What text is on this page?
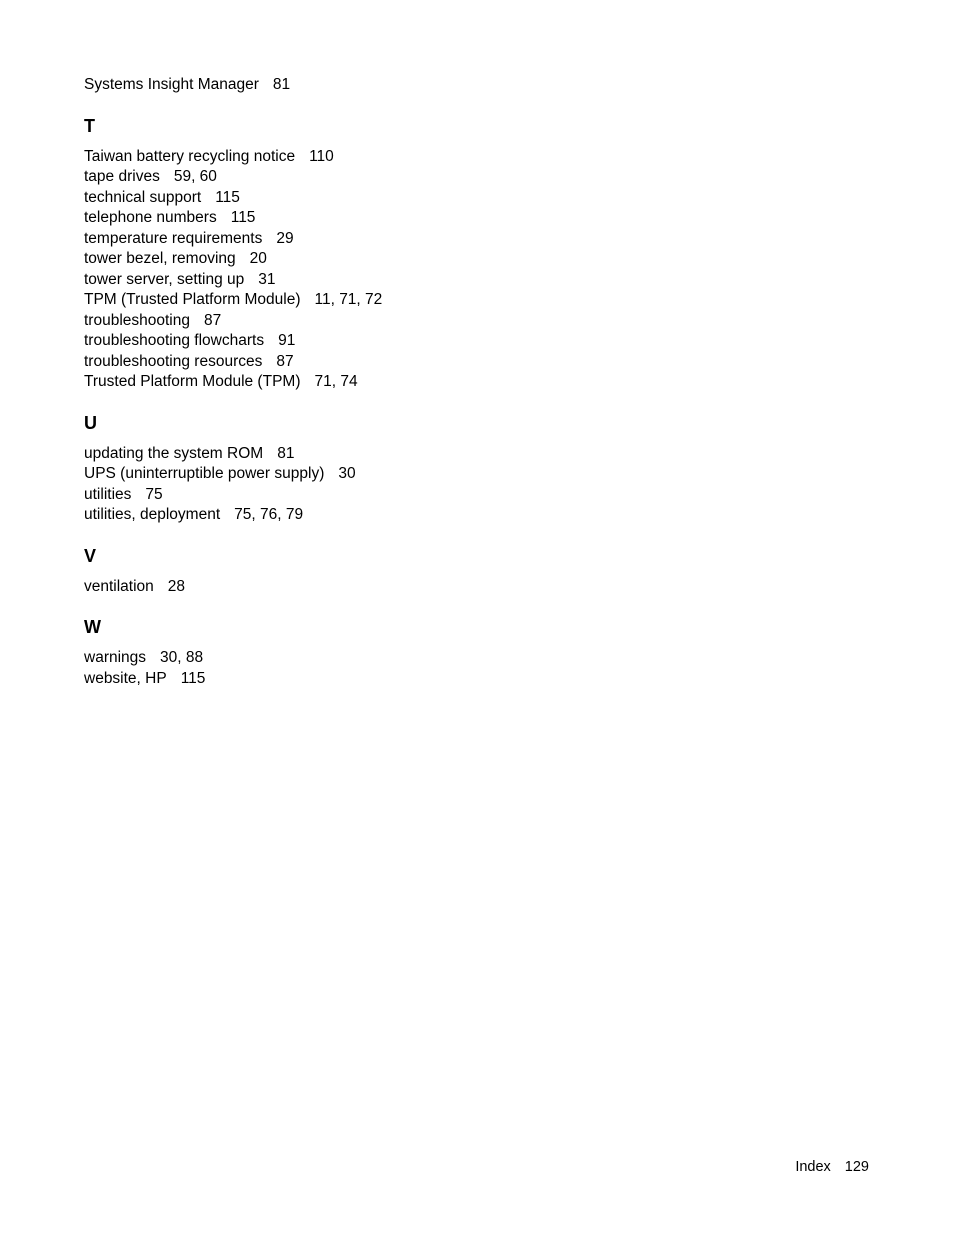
Systems Insight Manager 81
T
Taiwan battery recycling notice 110
tape drives 59, 60
technical support 115
telephone numbers 115
temperature requirements 29
tower bezel, removing 20
tower server, setting up 31
TPM (Trusted Platform Module) 11, 71, 72
troubleshooting 87
troubleshooting flowcharts 91
troubleshooting resources 87
Trusted Platform Module (TPM) 71, 74
U
updating the system ROM 81
UPS (uninterruptible power supply) 30
utilities 75
utilities, deployment 75, 76, 79
V
ventilation 28
W
warnings 30, 88
website, HP 115
Index 129
